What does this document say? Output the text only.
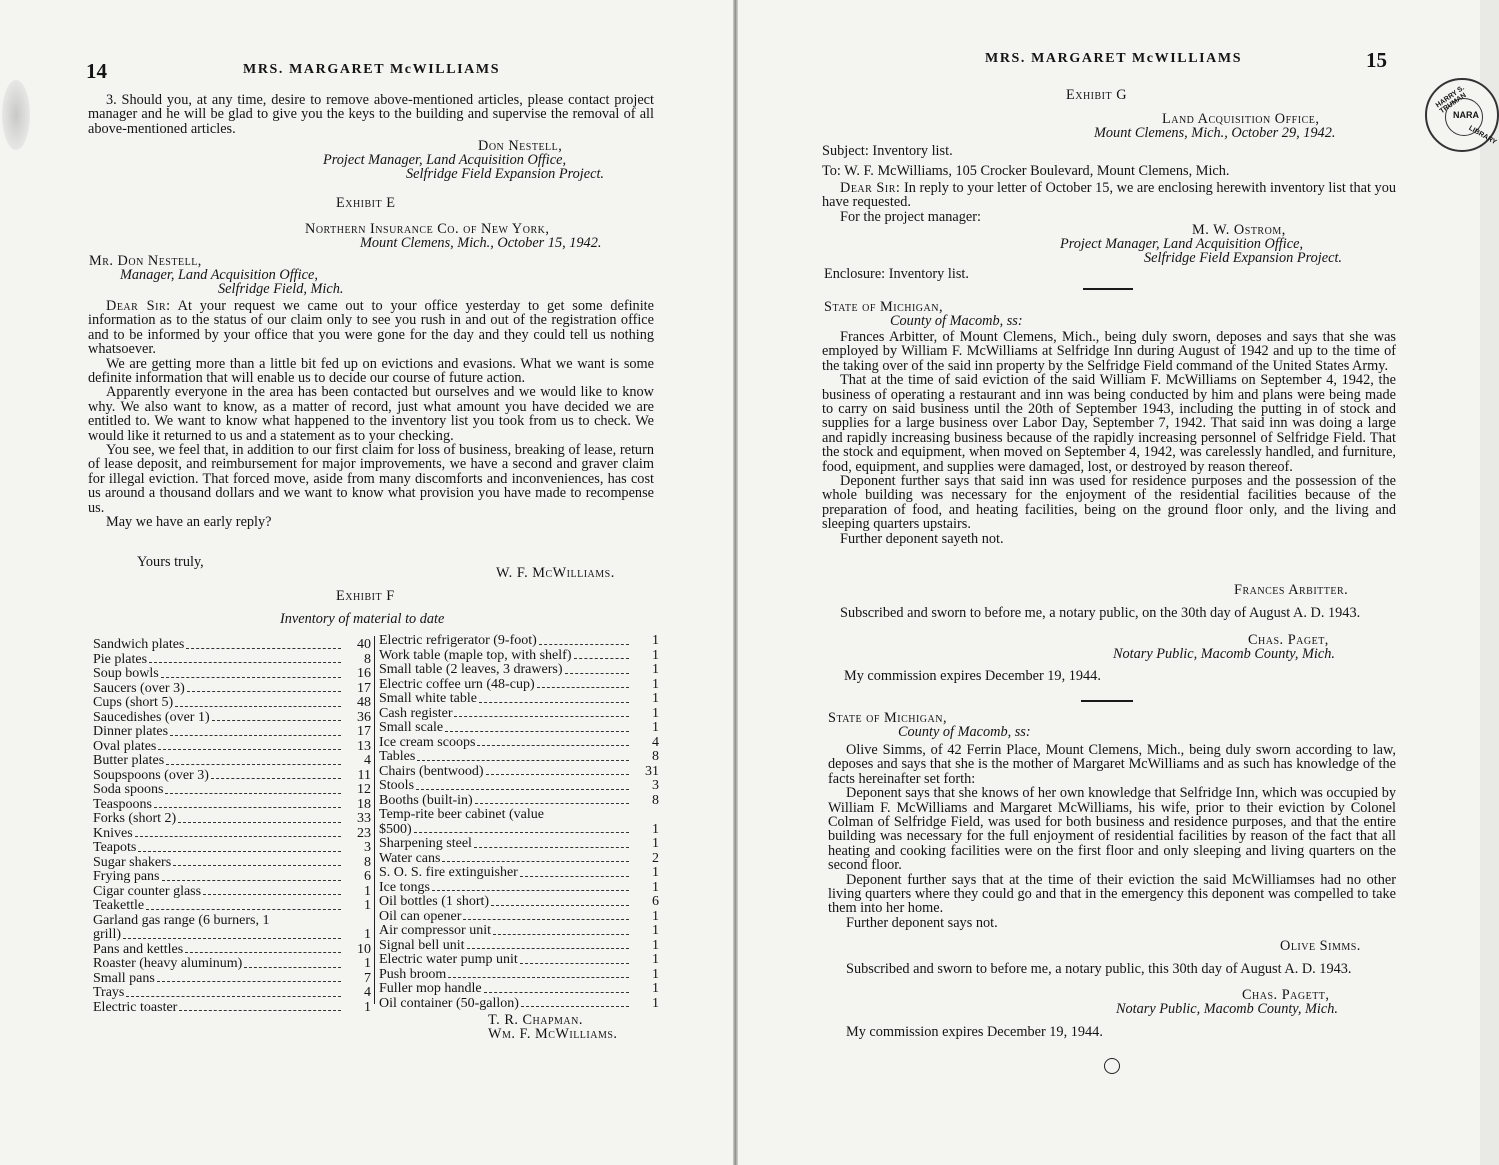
14	MRS. MARGARET McWILLIAMS

3. Should you, at any time, desire to remove above-mentioned articles, please contact project manager and he will be glad to give you the keys to the building and supervise the removal of all above-mentioned articles.

Don Nestell,
Project Manager, Land Acquisition Office,
Selfridge Field Expansion Project.
Exhibit E
Northern Insurance Co. of New York,
Mount Clemens, Mich., October 15, 1942.
Mr. Don Nestell,
Manager, Land Acquisition Office,
Selfridge Field, Mich.

Dear Sir: At your request we came out to your office yesterday to get some definite information as to the status of our claim only to see you rush in and out of the registration office and to be informed by your office that you were gone for the day and they could tell us nothing whatsoever.

We are getting more than a little bit fed up on evictions and evasions. What we want is some definite information that will enable us to decide our course of future action.

Apparently everyone in the area has been contacted but ourselves and we would like to know why. We also want to know, as a matter of record, just what amount you have decided we are entitled to. We want to know what happened to the inventory list you took from us to check. We would like it returned to us and a statement as to your checking.

You see, we feel that, in addition to our first claim for loss of business, breaking of lease, return of lease deposit, and reimbursement for major improvements, we have a second and graver claim for illegal eviction. That forced move, aside from many discomforts and inconveniences, has cost us around a thousand dollars and we want to know what provision you have made to recompense us.

May we have an early reply?

Yours truly,
W. F. McWilliams.
Exhibit F
Inventory of material to date
Sandwich plates	40
Pie plates	8
Soup bowls	16
Saucers (over 3)	17
Cups (short 5)	48
Saucedishes (over 1)	36
Dinner plates	17
Oval plates	13
Butter plates	4
Soupspoons (over 3)	11
Soda spoons	12
Teaspoons	18
Forks (short 2)	33
Knives	23
Teapots	3
Sugar shakers	8
Frying pans	6
Cigar counter glass	1
Teakettle	1
Garland gas range (6 burners, 1
grill)	1
Pans and kettles	10
Roaster (heavy aluminum)	1
Small pans	7
Trays	4
Electric toaster	1
Electric refrigerator (9-foot)	1
Work table (maple top, with shelf)	1
Small table (2 leaves, 3 drawers)	1
Electric coffee urn (48-cup)	1
Small white table	1
Cash register	1
Small scale	1
Ice cream scoops	4
Tables	8
Chairs (bentwood)	31
Stools	3
Booths (built-in)	8
Temp-rite beer cabinet (value
$500)	1
Sharpening steel	1
Water cans	2
S. O. S. fire extinguisher	1
Ice tongs	1
Oil bottles (1 short)	6
Oil can opener	1
Air compressor unit	1
Signal bell unit	1
Electric water pump unit	1
Push broom	1
Fuller mop handle	1
Oil container (50-gallon)	1
T. R. Chapman.
Wm. F. McWilliams.
MRS. MARGARET McWILLIAMS	15
Exhibit G
Land Acquisition Office,
Mount Clemens, Mich., October 29, 1942.
Subject: Inventory list.
To: W. F. McWilliams, 105 Crocker Boulevard, Mount Clemens, Mich.

Dear Sir: In reply to your letter of October 15, we are enclosing herewith inventory list that you have requested.

For the project manager:

M. W. Ostrom,
Project Manager, Land Acquisition Office,
Selfridge Field Expansion Project.
Enclosure: Inventory list.
State of Michigan,
County of Macomb, ss:

Frances Arbitter, of Mount Clemens, Mich., being duly sworn, deposes and says that she was employed by William F. McWilliams at Selfridge Inn during August of 1942 and up to the time of the taking over of the said inn property by the Selfridge Field command of the United States Army.

That at the time of said eviction of the said William F. McWilliams on September 4, 1942, the business of operating a restaurant and inn was being conducted by him and plans were being made to carry on said business until the 20th of September 1943, including the putting in of stock and supplies for a large business over Labor Day, September 7, 1942. That said inn was doing a large and rapidly increasing business because of the rapidly increasing personnel of Selfridge Field. That the stock and equipment, when moved on September 4, 1942, was carelessly handled, and furniture, food, equipment, and supplies were damaged, lost, or destroyed by reason thereof.

Deponent further says that said inn was used for residence purposes and the possession of the whole building was necessary for the enjoyment of the residential facilities because of the preparation of food, and heating facilities, being on the ground floor only, and the living and sleeping quarters upstairs.

Further deponent sayeth not.

Frances Arbitter.

Subscribed and sworn to before me, a notary public, on the 30th day of August A. D. 1943.

Chas. Paget,
Notary Public, Macomb County, Mich.
My commission expires December 19, 1944.
State of Michigan,
County of Macomb, ss:

Olive Simms, of 42 Ferrin Place, Mount Clemens, Mich., being duly sworn according to law, deposes and says that she is the mother of Margaret McWilliams and as such has knowledge of the facts hereinafter set forth:

Deponent says that she knows of her own knowledge that Selfridge Inn, which was occupied by William F. McWilliams and Margaret McWilliams, his wife, prior to their eviction by Colonel Colman of Selfridge Field, was used for both business and residence purposes, and that the entire building was necessary for the full enjoyment of residential facilities by reason of the fact that all heating and cooking facilities were on the first floor and only sleeping and living quarters on the second floor.

Deponent further says that at the time of their eviction the said McWilliamses had no other living quarters where they could go and that in the emergency this deponent was compelled to take them into her home.

Further deponent says not.

Olive Simms.

Subscribed and sworn to before me, a notary public, this 30th day of August A. D. 1943.

Chas. Pagett,
Notary Public, Macomb County, Mich.
My commission expires December 19, 1944.
HARRY S. TRUMAN
NARA
LIBRARY
